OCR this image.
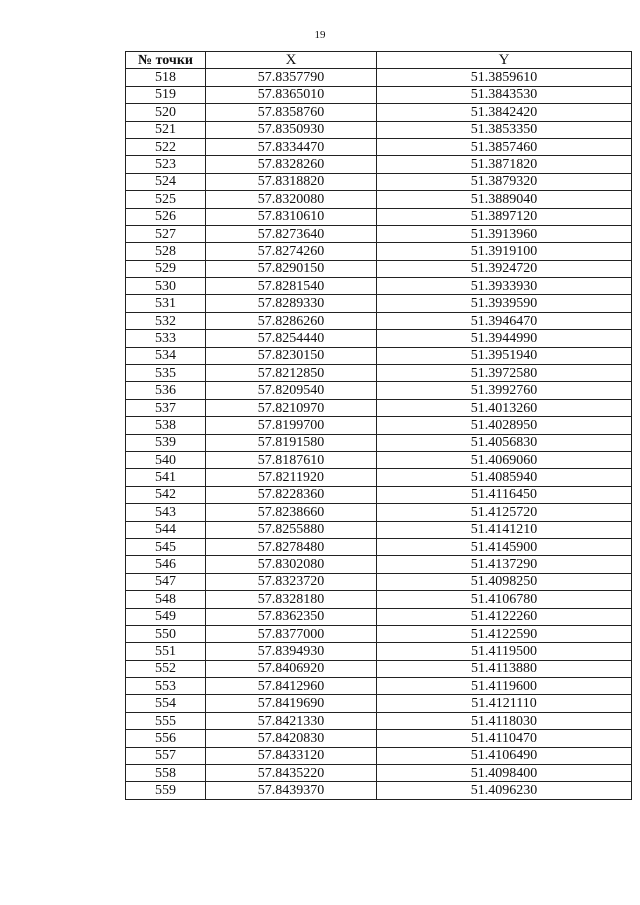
19
№ точки	X	Y
518	57.8357790	51.3859610
519	57.8365010	51.3843530
520	57.8358760	51.3842420
521	57.8350930	51.3853350
522	57.8334470	51.3857460
523	57.8328260	51.3871820
524	57.8318820	51.3879320
525	57.8320080	51.3889040
526	57.8310610	51.3897120
527	57.8273640	51.3913960
528	57.8274260	51.3919100
529	57.8290150	51.3924720
530	57.8281540	51.3933930
531	57.8289330	51.3939590
532	57.8286260	51.3946470
533	57.8254440	51.3944990
534	57.8230150	51.3951940
535	57.8212850	51.3972580
536	57.8209540	51.3992760
537	57.8210970	51.4013260
538	57.8199700	51.4028950
539	57.8191580	51.4056830
540	57.8187610	51.4069060
541	57.8211920	51.4085940
542	57.8228360	51.4116450
543	57.8238660	51.4125720
544	57.8255880	51.4141210
545	57.8278480	51.4145900
546	57.8302080	51.4137290
547	57.8323720	51.4098250
548	57.8328180	51.4106780
549	57.8362350	51.4122260
550	57.8377000	51.4122590
551	57.8394930	51.4119500
552	57.8406920	51.4113880
553	57.8412960	51.4119600
554	57.8419690	51.4121110
555	57.8421330	51.4118030
556	57.8420830	51.4110470
557	57.8433120	51.4106490
558	57.8435220	51.4098400
559	57.8439370	51.4096230
